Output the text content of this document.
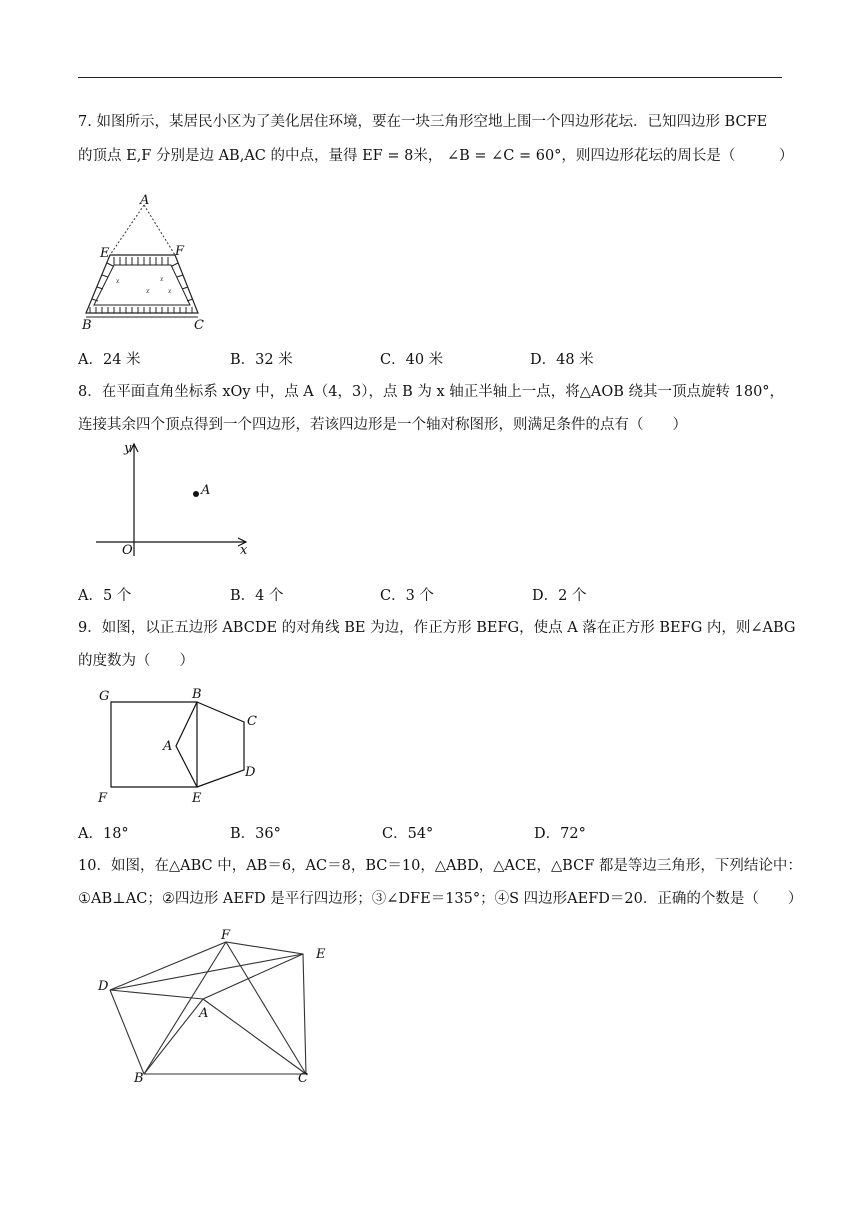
7. 如图所示，某居民小区为了美化居住环境，要在一块三角形空地上围一个四边形花坛．已知四边形 BCFE
的顶点 E,F 分别是边 AB,AC 的中点，量得 EF = 8米， ∠B = ∠C = 60°，则四边形花坛的周长是（　　　）
A
E	F
ᵡ
ᵡ
ᵡ
ᵡ
B	C
A．24 米	B．32 米	C．40 米	D．48 米
8．在平面直角坐标系 xOy 中，点 A（4，3），点 B 为 x 轴正半轴上一点，将△AOB 绕其一顶点旋转 180°，
连接其余四个顶点得到一个四边形，若该四边形是一个轴对称图形，则满足条件的点有（　　）
y
x
O
A
A．5 个	B．4 个	C．3 个	D．2 个
9．如图，以正五边形 ABCDE 的对角线 BE 为边，作正方形 BEFG，使点 A 落在正方形 BEFG 内，则∠ABG
的度数为（　　）
G	B
C
A
D
F	E
A．18°	B．36°	C．54°	D．72°
10．如图，在△ABC 中，AB＝6，AC＝8，BC＝10，△ABD，△ACE，△BCF 都是等边三角形，下列结论中：
①AB⊥AC；②四边形 AEFD 是平行四边形；③∠DFE＝135°；④S 四边形AEFD＝20．正确的个数是（　　）
F
E
D
A
B	C
